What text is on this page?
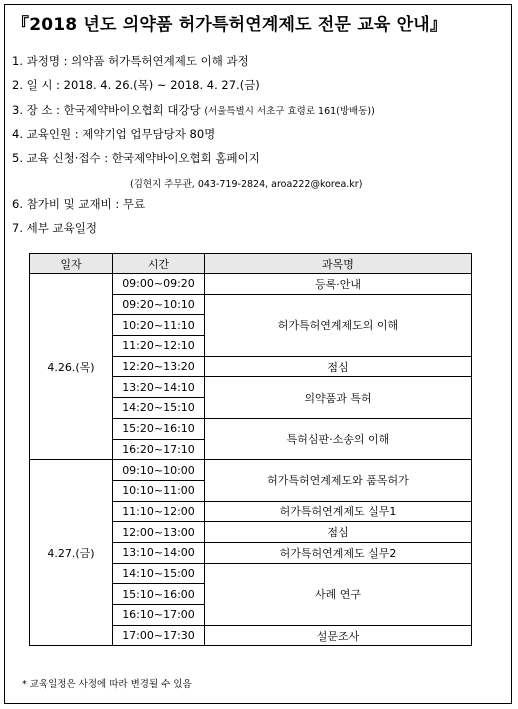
『2018 년도 의약품 허가특허연계제도 전문 교육 안내』
1. 과정명 : 의약품 허가특허연계제도 이해 과정
2. 일 시 : 2018. 4. 26.(목) ~ 2018. 4. 27.(금)
3. 장 소 : 한국제약바이오협회 대강당 (서울특별시 서초구 효령로 161(방배동))
4. 교육인원 : 제약기업 업무담당자 80명
5. 교육 신청·접수 : 한국제약바이오협회 홈페이지
(김현지 주무관, 043-719-2824, aroa222@korea.kr)
6. 참가비 및 교재비 : 무료
7. 세부 교육일정
일자	시간	과목명
4.26.(목)	09:00~09:20	등록·안내
	09:20~10:10	허가특허연계제도의 이해
	10:20~11:10	
	11:20~12:10	
	12:20~13:20	점심
	13:20~14:10	의약품과 특허
	14:20~15:10	
	15:20~16:10	특허심판·소송의 이해
	16:20~17:10	
4.27.(금)	09:10~10:00	허가특허연계제도와 품목허가
	10:10~11:00	
	11:10~12:00	허가특허연계제도 실무1
	12:00~13:00	점심
	13:10~14:00	허가특허연계제도 실무2
	14:10~15:00	사례 연구
	15:10~16:00	
	16:10~17:00	
	17:00~17:30	설문조사
* 교육일정은 사정에 따라 변경될 수 있음
